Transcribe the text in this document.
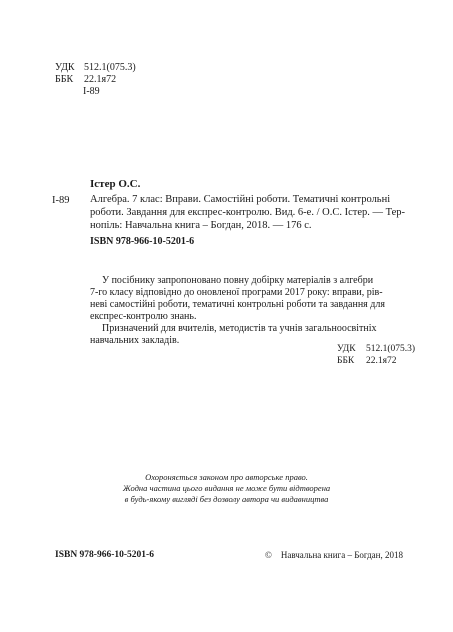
УДК 512.1(075.3)
ББК 22.1я72
І-89
Істер О.С.
І-89 Алгебра. 7 клас: Вправи. Самостійні роботи. Тематичні контрольні
роботи. Завдання для експрес-контролю. Вид. 6-е. / О.С. Істер. — Тер-
нопіль: Навчальна книга – Богдан, 2018. — 176 с.
ISBN 978-966-10-5201-6

У посібнику запропоновано повну добірку матеріалів з алгебри
7-го класу відповідно до оновленої програми 2017 року: вправи, рів-
неві самостійні роботи, тематичні контрольні роботи та завдання для
експрес-контролю знань.

Призначений для вчителів, методистів та учнів загальноосвітніх
навчальних закладів.

УДК 512.1(075.3)
ББК 22.1я72
Охороняється законом про авторське право.
Жодна частина цього видання не може бути відтворена
в будь-якому вигляді без дозволу автора чи видавництва
ISBN 978-966-10-5201-6	© Навчальна книга – Богдан, 2018
